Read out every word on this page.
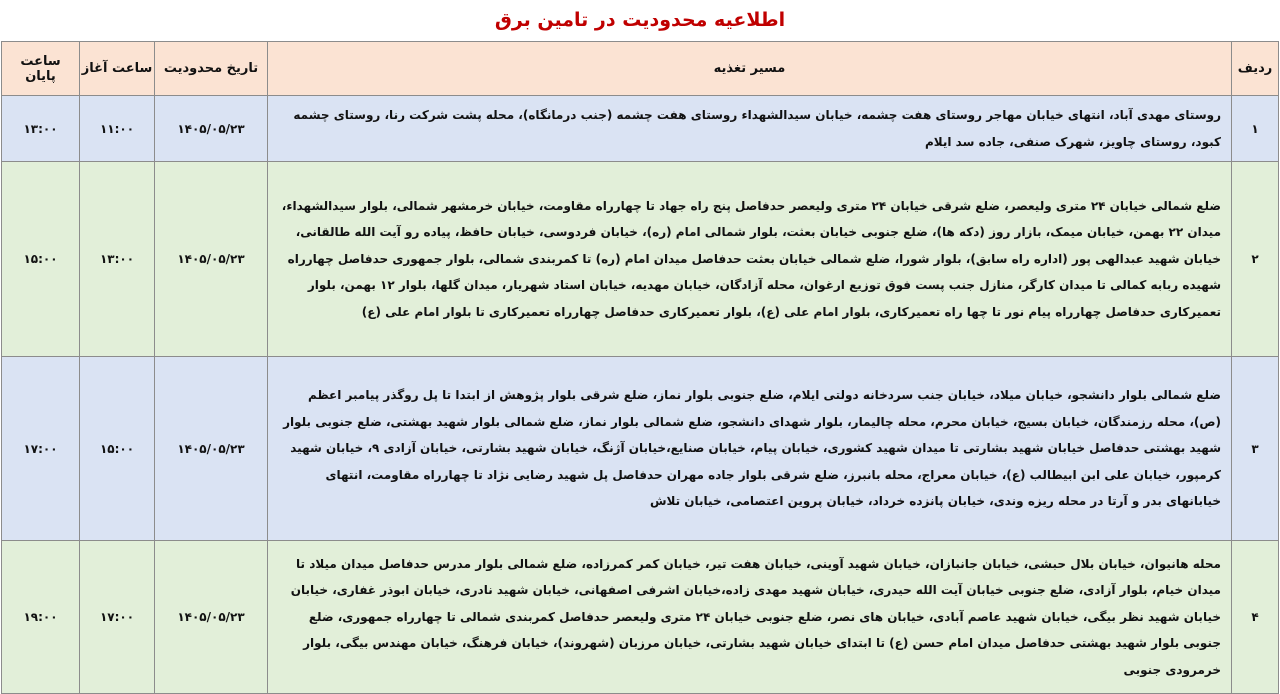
اطلاعیه محدودیت در تامین برق
ردیف	مسیر تغذیه	تاریخ محدودیت	ساعت آغاز	ساعت پایان
۱	روستای مهدی آباد، انتهای خیابان مهاجر روستای هفت چشمه، خیابان سیدالشهداء روستای هفت چشمه (جنب درمانگاه)، محله پشت شرکت رنا، روستای چشمه کبود، روستای چاویز، شهرک صنفی، جاده سد ایلام	۱۴۰۵/۰۵/۲۳	۱۱:۰۰	۱۳:۰۰
۲	ضلع شمالی خیابان ۲۴ متری ولیعصر، ضلع شرقی خیابان ۲۴ متری ولیعصر حدفاصل پنج راه جهاد تا چهارراه مقاومت، خیابان خرمشهر شمالی، بلوار سیدالشهداء، میدان ۲۲ بهمن، خیابان میمک، بازار روز (دکه ها)، ضلع جنوبی خیابان بعثت، بلوار شمالی امام (ره)، خیابان فردوسی، خیابان حافظ، پیاده رو آیت الله طالقانی، خیابان شهید عبدالهی پور (اداره راه سابق)، بلوار شورا، ضلع شمالی خیابان بعثت حدفاصل میدان امام (ره) تا کمربندی شمالی، بلوار جمهوری حدفاصل چهارراه شهیده ربابه کمالی تا میدان کارگر، منازل جنب پست فوق توزیع ارغوان، محله آزادگان، خیابان مهدیه، خیابان استاد شهریار، میدان گلها، بلوار ۱۲ بهمن، بلوار تعمیرکاری حدفاصل چهارراه پیام نور تا چها راه تعمیرکاری، بلوار امام علی (ع)، بلوار تعمیرکاری حدفاصل چهارراه تعمیرکاری تا بلوار امام علی (ع)	۱۴۰۵/۰۵/۲۳	۱۳:۰۰	۱۵:۰۰
۳	ضلع شمالی بلوار دانشجو، خیابان میلاد، خیابان جنب سردخانه دولتی ایلام، ضلع جنوبی بلوار نماز، ضلع شرقی بلوار پژوهش از ابتدا تا پل روگذر پیامبر اعظم (ص)، محله رزمندگان، خیابان بسیج، خیابان محرم، محله چالیمار، بلوار شهدای دانشجو، ضلع شمالی بلوار نماز، ضلع شمالی بلوار شهید بهشتی، ضلع جنوبی بلوار شهید بهشتی حدفاصل خیابان شهید بشارتی تا میدان شهید کشوری، خیابان پیام، خیابان صنایع،خیابان آژنگ، خیابان شهید بشارتی، خیابان آزادی ۹، خیابان شهید کرمپور، خیابان علی ابن ابیطالب (ع)، خیابان معراج، محله بانبرز، ضلع شرقی بلوار جاده مهران حدفاصل پل شهید رضایی نژاد تا چهارراه مقاومت، انتهای خیابانهای بدر و آرتا در محله ریزه وندی، خیابان پانزده خرداد، خیابان پروین اعتصامی، خیابان تلاش	۱۴۰۵/۰۵/۲۳	۱۵:۰۰	۱۷:۰۰
۴	محله هانیوان، خیابان بلال حبشی، خیابان جانبازان، خیابان شهید آوینی، خیابان هفت تیر، خیابان کمر کمرزاده، ضلع شمالی بلوار مدرس حدفاصل میدان میلاد تا میدان خیام، بلوار آزادی، ضلع جنوبی خیابان آیت الله حیدری، خیابان شهید مهدی زاده،خیابان اشرفی اصفهانی، خیابان شهید نادری، خیابان ابوذر غفاری، خیابان خیابان شهید نظر بیگی، خیابان شهید عاصم آبادی، خیابان های نصر، ضلع جنوبی خیابان ۲۴ متری ولیعصر حدفاصل کمربندی شمالی تا چهارراه جمهوری، ضلع جنوبی بلوار شهید بهشتی حدفاصل میدان امام حسن (ع) تا ابتدای خیابان شهید بشارتی، خیابان مرزبان (شهروند)، خیابان فرهنگ، خیابان مهندس بیگی، بلوار خرمرودی جنوبی	۱۴۰۵/۰۵/۲۳	۱۷:۰۰	۱۹:۰۰
